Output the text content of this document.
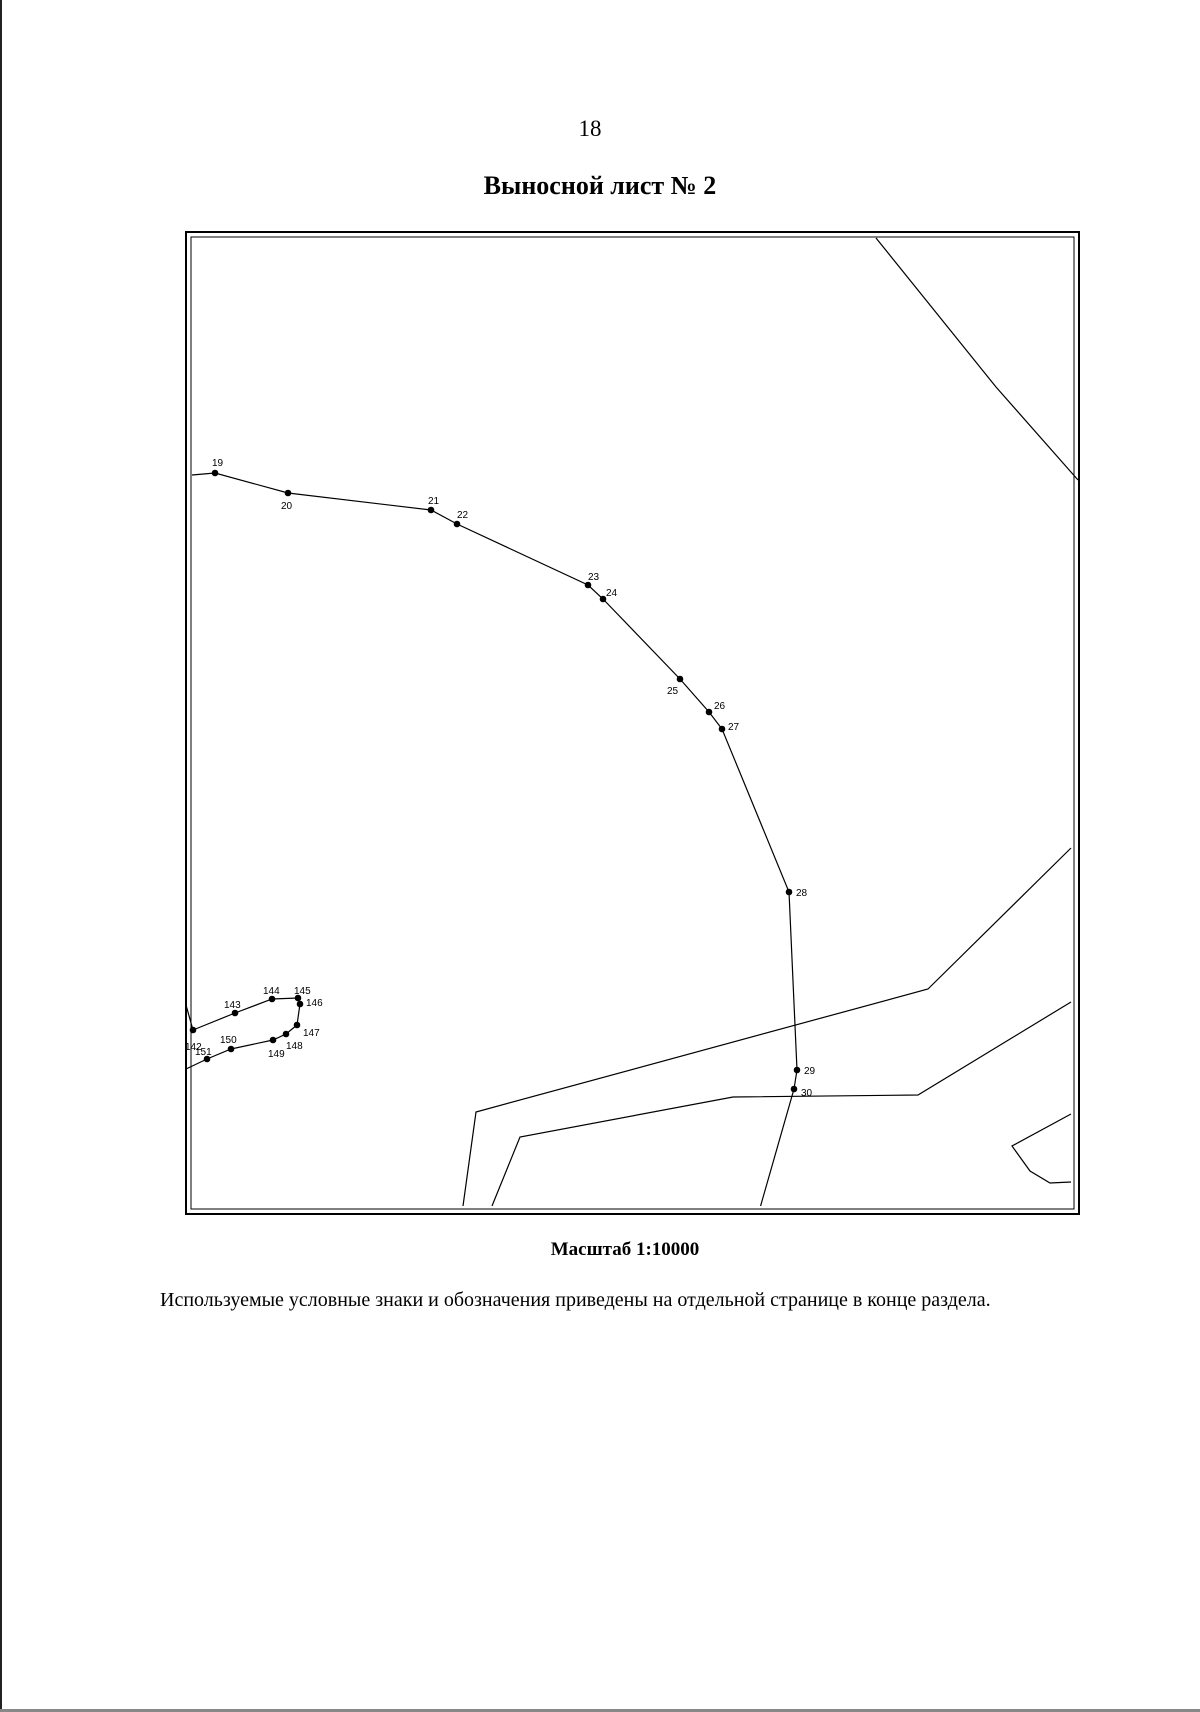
18
Выносной лист № 2
19
20	21
22
23
24
25
26
27
28
29
30
142
143
144 145
146
147
148
149
150
151
Масштаб 1:10000
Используемые условные знаки и обозначения приведены на отдельной странице в конце раздела.
